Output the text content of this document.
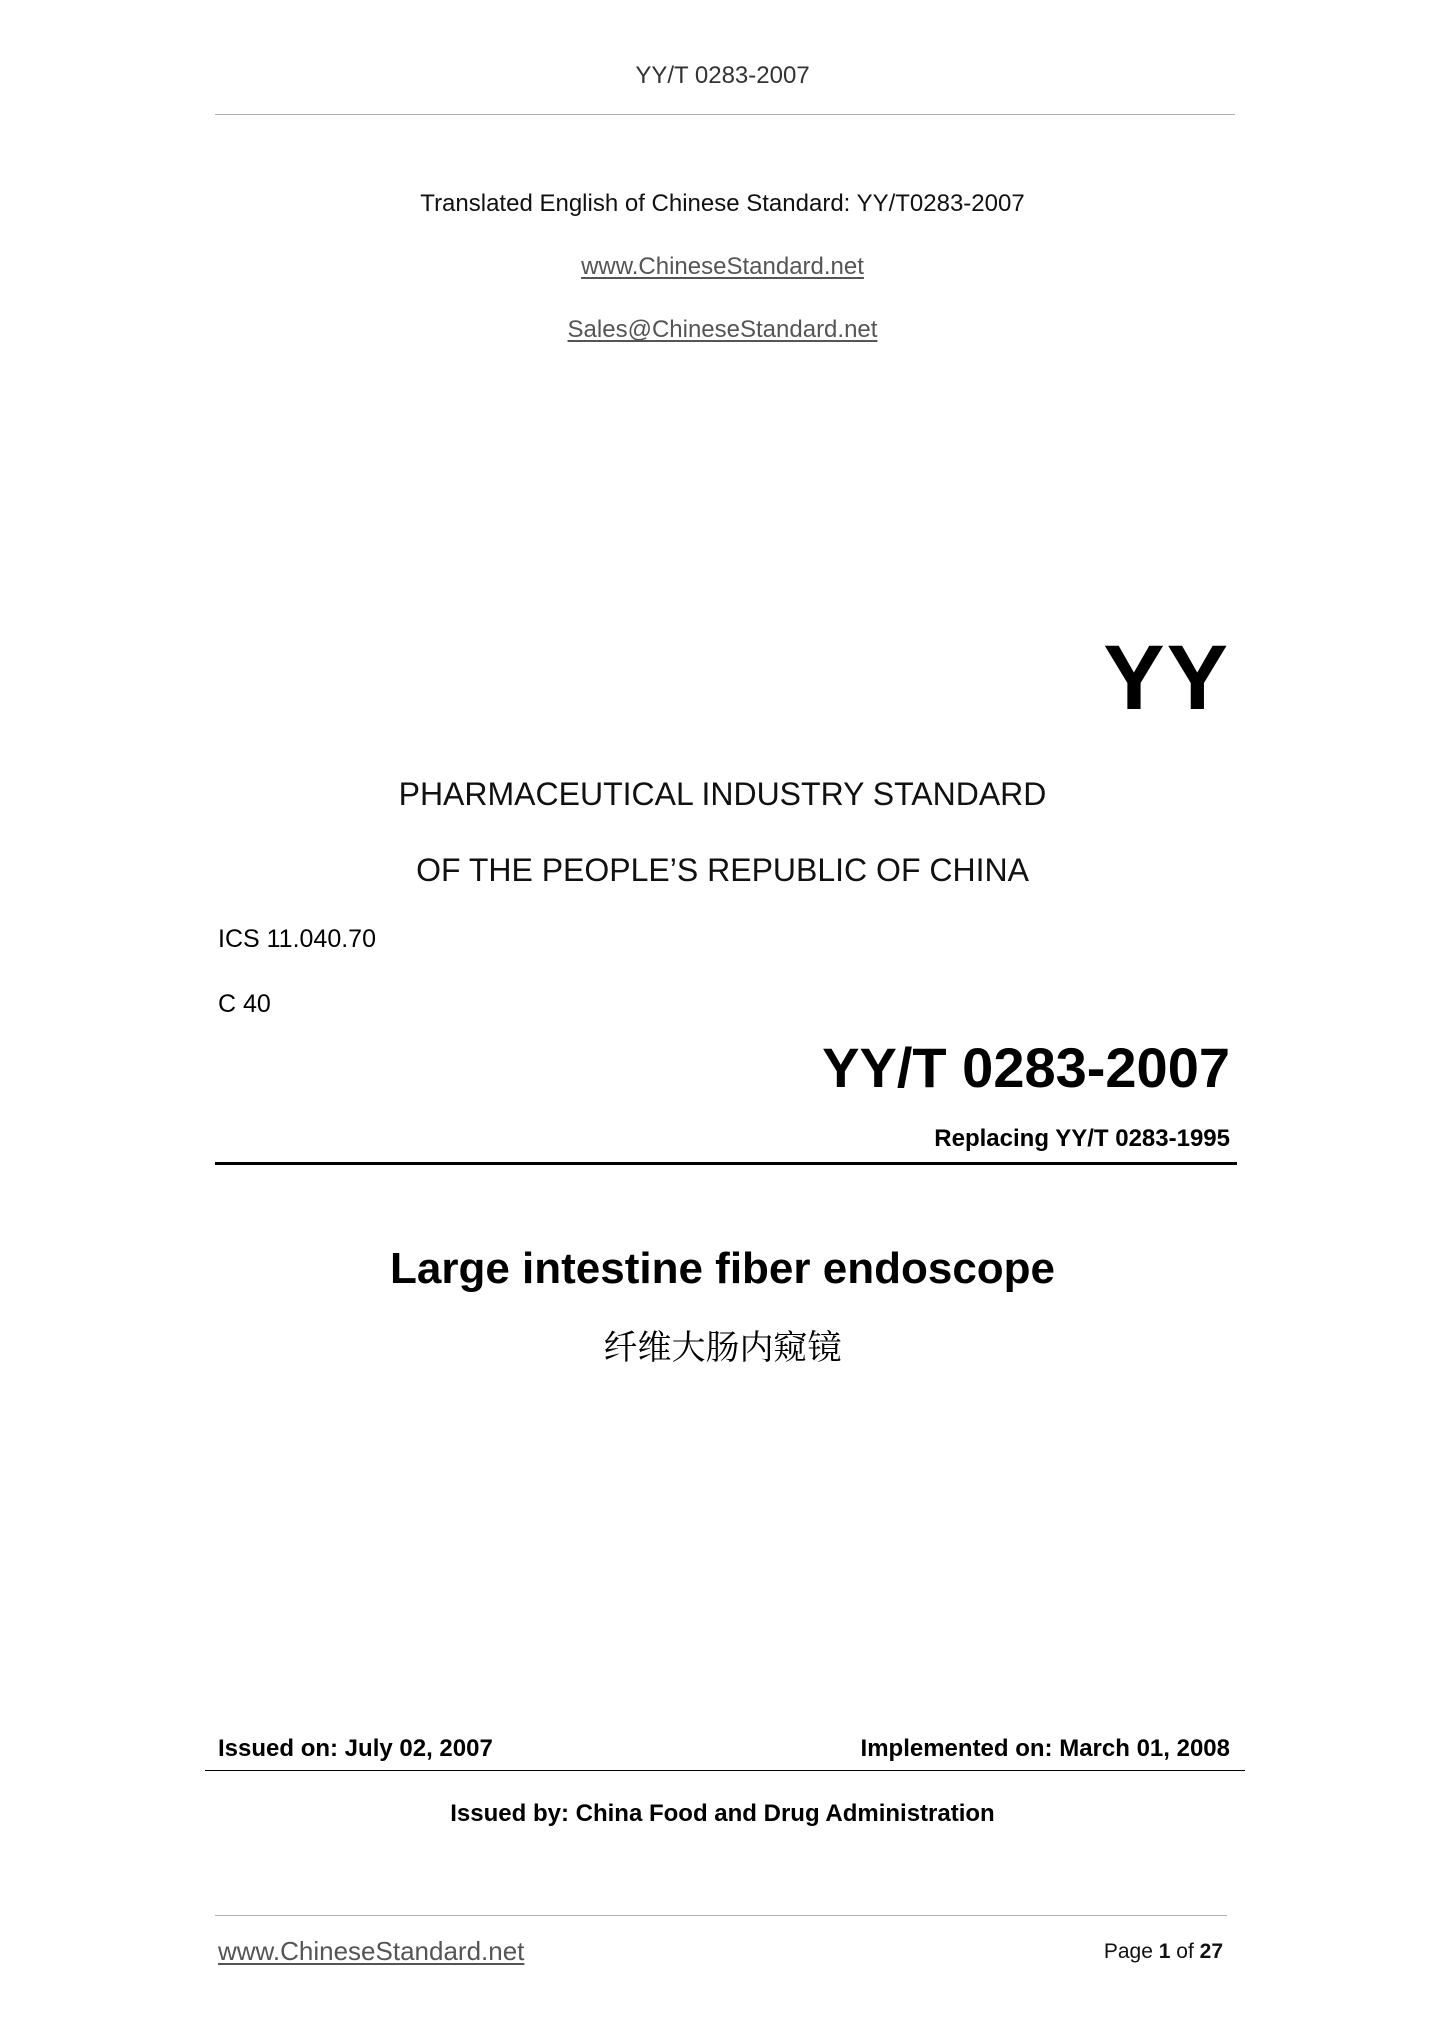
YY/T 0283-2007
Translated English of Chinese Standard: YY/T0283-2007
www.ChineseStandard.net
Sales@ChineseStandard.net
YY
PHARMACEUTICAL INDUSTRY STANDARD
OF THE PEOPLE’S REPUBLIC OF CHINA
ICS 11.040.70
C 40
YY/T 0283-2007
Replacing YY/T 0283-1995
Large intestine fiber endoscope
纤维大肠内窥镜
Issued on: July 02, 2007	Implemented on: March 01, 2008
Issued by: China Food and Drug Administration
www.ChineseStandard.net	Page 1 of 27
